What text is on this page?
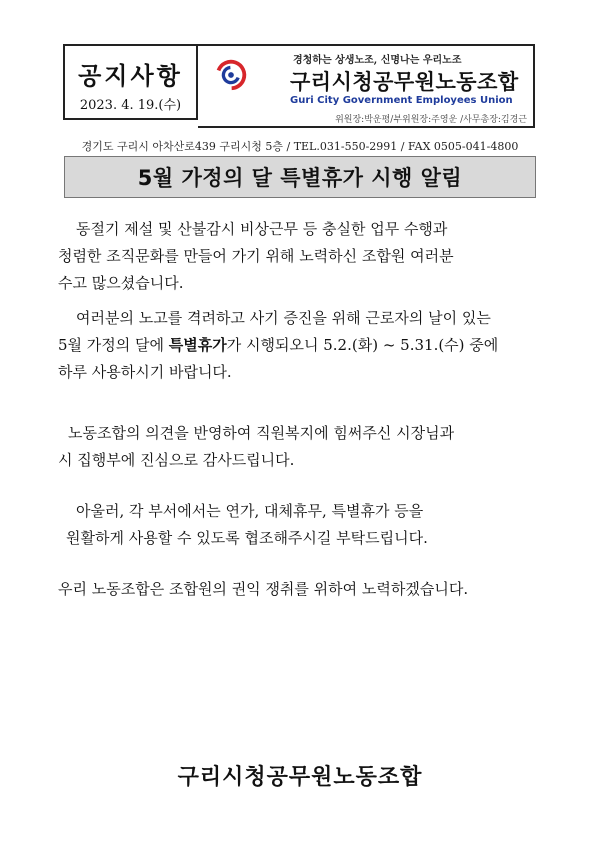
공지사항
2023. 4. 19.(수)
경청하는 상생노조, 신명나는 우리노조
구리시청공무원노동조합
Guri City Government Employees Union
위원장:박운평/부위원장:주영운 /사무총장:김경근
경기도 구리시 아차산로439 구리시청 5층 / TEL.031-550-2991 / FAX 0505-041-4800
5월 가정의 달 특별휴가 시행 알림
동절기 제설 및 산불감시 비상근무 등 충실한 업무 수행과
청렴한 조직문화를 만들어 가기 위해 노력하신 조합원 여러분
수고 많으셨습니다.
여러분의 노고를 격려하고 사기 증진을 위해 근로자의 날이 있는
5월 가정의 달에 특별휴가가 시행되오니 5.2.(화) ~ 5.31.(수) 중에
하루 사용하시기 바랍니다.
노동조합의 의견을 반영하여 직원복지에 힘써주신 시장님과
시 집행부에 진심으로 감사드립니다.
아울러, 각 부서에서는 연가, 대체휴무, 특별휴가 등을
원활하게 사용할 수 있도록 협조해주시길 부탁드립니다.
우리 노동조합은 조합원의 권익 쟁취를 위하여 노력하겠습니다.
구리시청공무원노동조합
